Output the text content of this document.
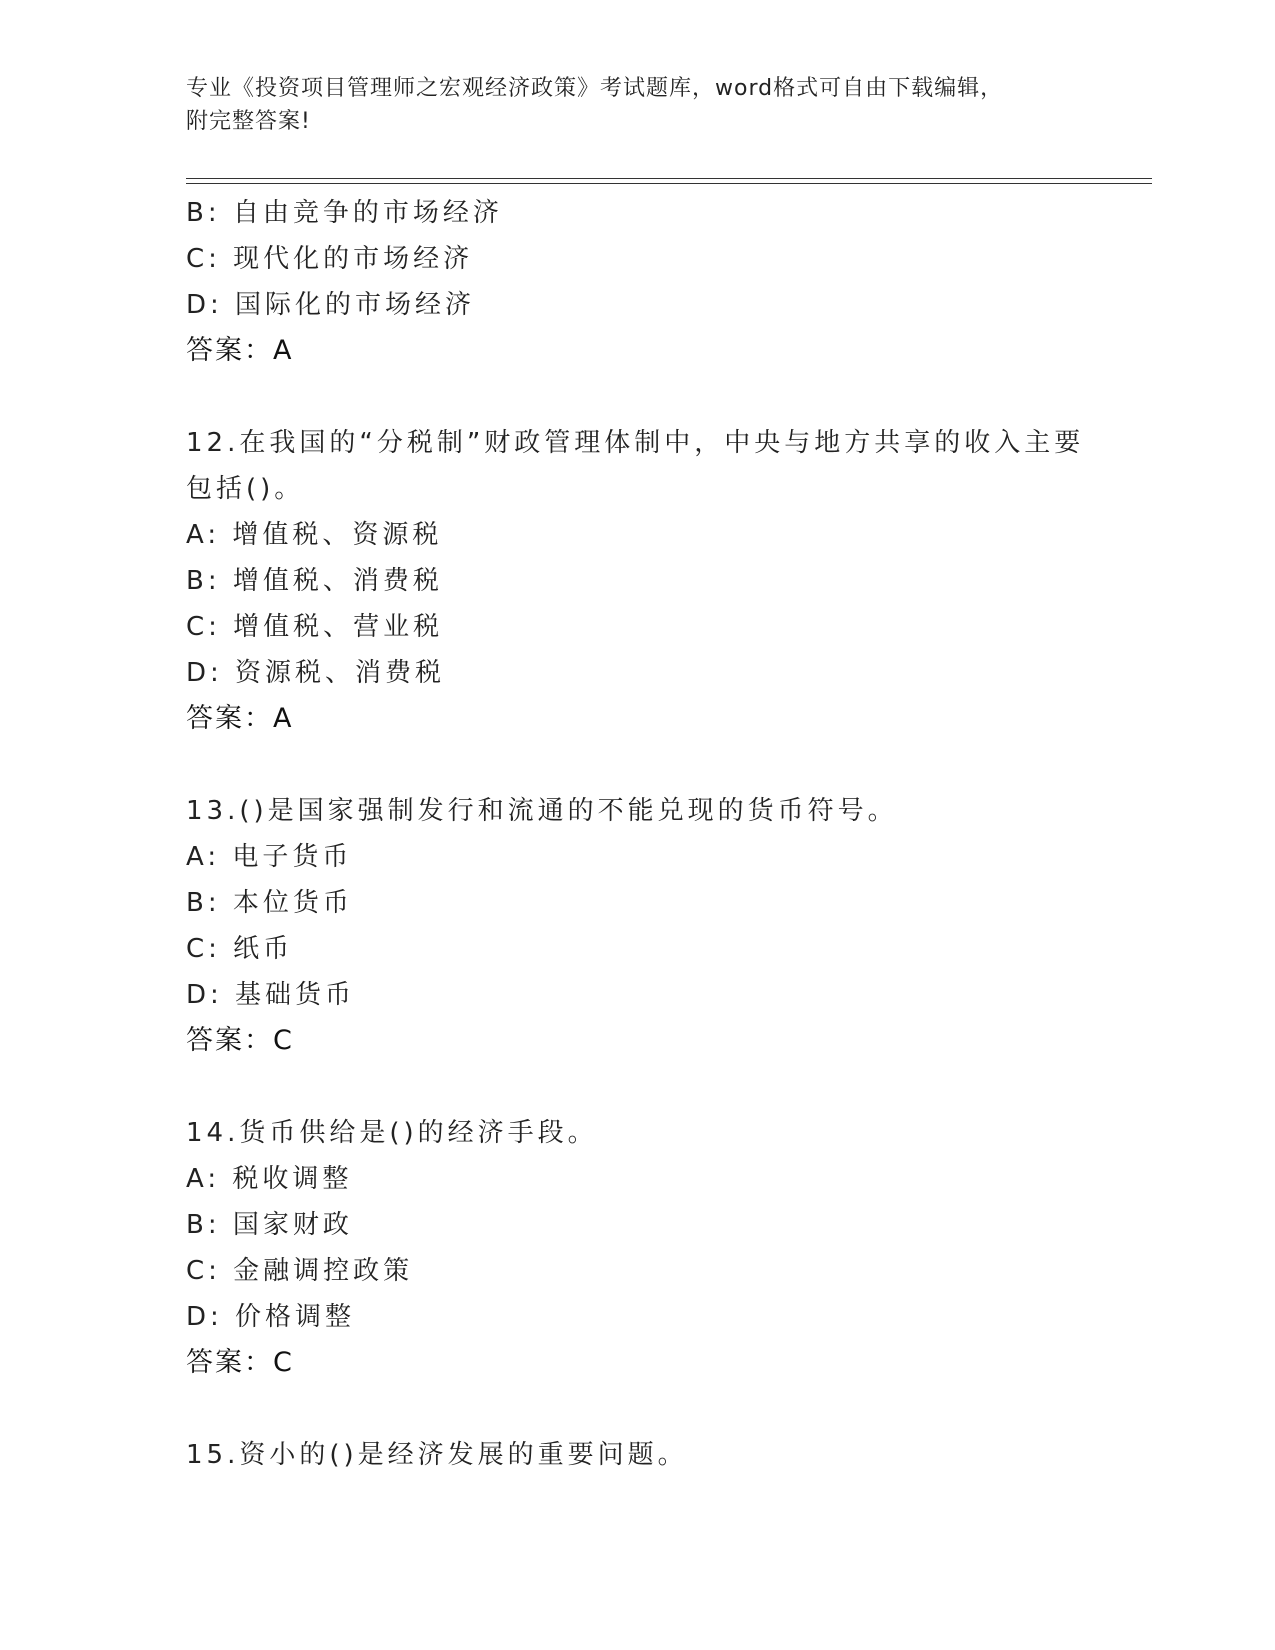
专业《投资项目管理师之宏观经济政策》考试题库，word格式可自由下载编辑，
附完整答案!
B: 自由竞争的市场经济
C: 现代化的市场经济
D: 国际化的市场经济
答案：A
12.在我国的“分税制”财政管理体制中，中央与地方共享的收入主要
包括()。
A: 增值税、资源税
B: 增值税、消费税
C: 增值税、营业税
D: 资源税、消费税
答案：A
13.()是国家强制发行和流通的不能兑现的货币符号。
A: 电子货币
B: 本位货币
C: 纸币
D: 基础货币
答案：C
14.货币供给是()的经济手段。
A: 税收调整
B: 国家财政
C: 金融调控政策
D: 价格调整
答案：C
15.资小的()是经济发展的重要问题。
